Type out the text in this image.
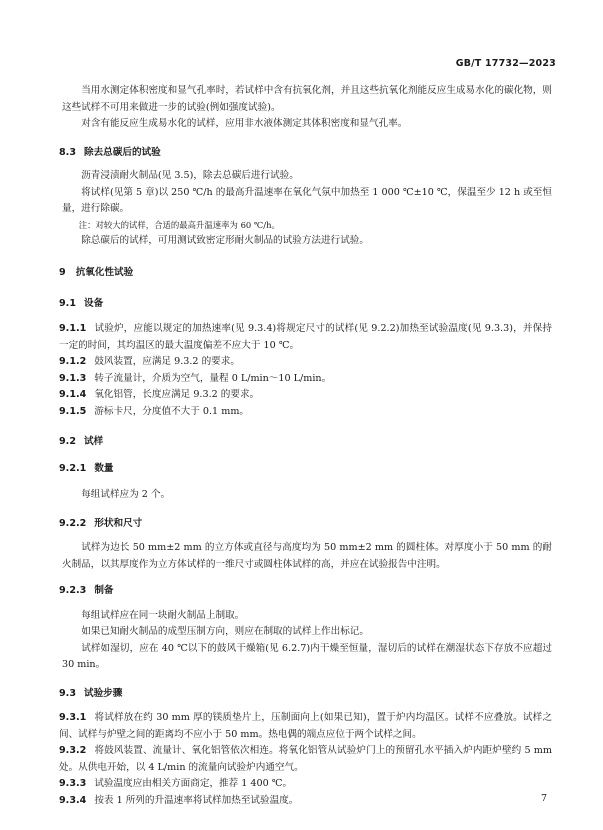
GB/T 17732—2023

当用水测定体积密度和显气孔率时，若试样中含有抗氧化剂，并且这些抗氧化剂能反应生成易水化的碳化物，则这些试样不可用来做进一步的试验(例如强度试验)。

对含有能反应生成易水化的试样，应用非水液体测定其体积密度和显气孔率。

8.3 除去总碳后的试验

沥青浸渍耐火制品(见 3.5)，除去总碳后进行试验。

将试样(见第 5 章)以 250 ℃/h 的最高升温速率在氧化气氛中加热至 1 000 ℃±10 ℃，保温至少 12 h 或至恒量，进行除碳。

注：对较大的试样，合适的最高升温速率为 60 ℃/h。

除总碳后的试样，可用测试致密定形耐火制品的试验方法进行试验。

9 抗氧化性试验
9.1 设备

9.1.1 试验炉，应能以规定的加热速率(见 9.3.4)将规定尺寸的试样(见 9.2.2)加热至试验温度(见 9.3.3)，并保持一定的时间，其均温区的最大温度偏差不应大于 10 ℃。

9.1.2 鼓风装置，应满足 9.3.2 的要求。

9.1.3 转子流量计，介质为空气，量程 0 L/min～10 L/min。

9.1.4 氧化铝管，长度应满足 9.3.2 的要求。

9.1.5 游标卡尺，分度值不大于 0.1 mm。

9.2 试样
9.2.1 数量

每组试样应为 2 个。

9.2.2 形状和尺寸

试样为边长 50 mm±2 mm 的立方体或直径与高度均为 50 mm±2 mm 的圆柱体。对厚度小于 50 mm 的耐火制品，以其厚度作为立方体试样的一维尺寸或圆柱体试样的高，并应在试验报告中注明。

9.2.3 制备

每组试样应在同一块耐火制品上制取。

如果已知耐火制品的成型压制方向，则应在制取的试样上作出标记。

试样如湿切，应在 40 ℃以下的鼓风干燥箱(见 6.2.7)内干燥至恒量，湿切后的试样在潮湿状态下存放不应超过 30 min。

9.3 试验步骤

9.3.1 将试样放在约 30 mm 厚的镁质垫片上，压制面向上(如果已知)，置于炉内均温区。试样不应叠放。试样之间、试样与炉壁之间的距离均不应小于 50 mm。热电偶的端点应位于两个试样之间。

9.3.2 将鼓风装置、流量计、氧化铝管依次相连。将氧化铝管从试验炉门上的预留孔水平插入炉内距炉壁约 5 mm 处。从供电开始，以 4 L/min 的流量向试验炉内通空气。

9.3.3 试验温度应由相关方面商定，推荐 1 400 ℃。

9.3.4 按表 1 所列的升温速率将试样加热至试验温度。	7
